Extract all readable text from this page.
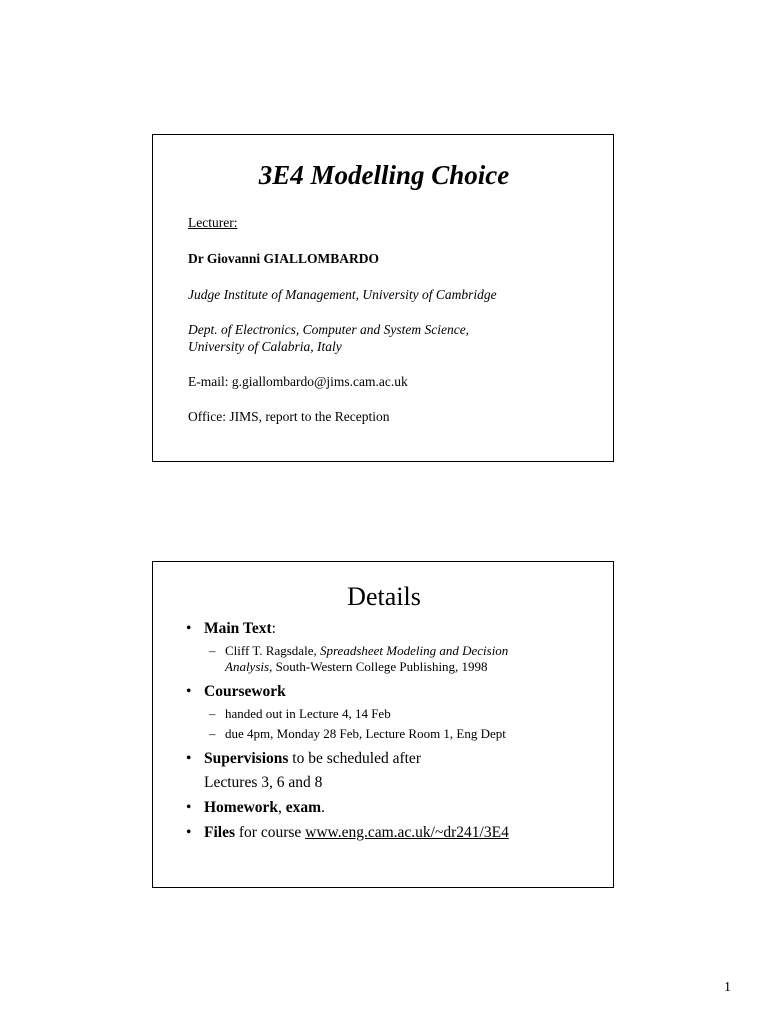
3E4 Modelling Choice
Lecturer:
Dr Giovanni GIALLOMBARDO
Judge Institute of Management, University of Cambridge
Dept. of Electronics, Computer and System Science,
University of Calabria, Italy
E-mail: g.giallombardo@jims.cam.ac.uk
Office: JIMS, report to the Reception
Details
• Main Text:
– Cliff T. Ragsdale, Spreadsheet Modeling and Decision
Analysis, South-Western College Publishing, 1998
• Coursework
– handed out in Lecture 4, 14 Feb
– due 4pm, Monday 28 Feb, Lecture Room 1, Eng Dept
• Supervisions to be scheduled after
Lectures 3, 6 and 8
• Homework, exam.
• Files for course www.eng.cam.ac.uk/~dr241/3E4
1
